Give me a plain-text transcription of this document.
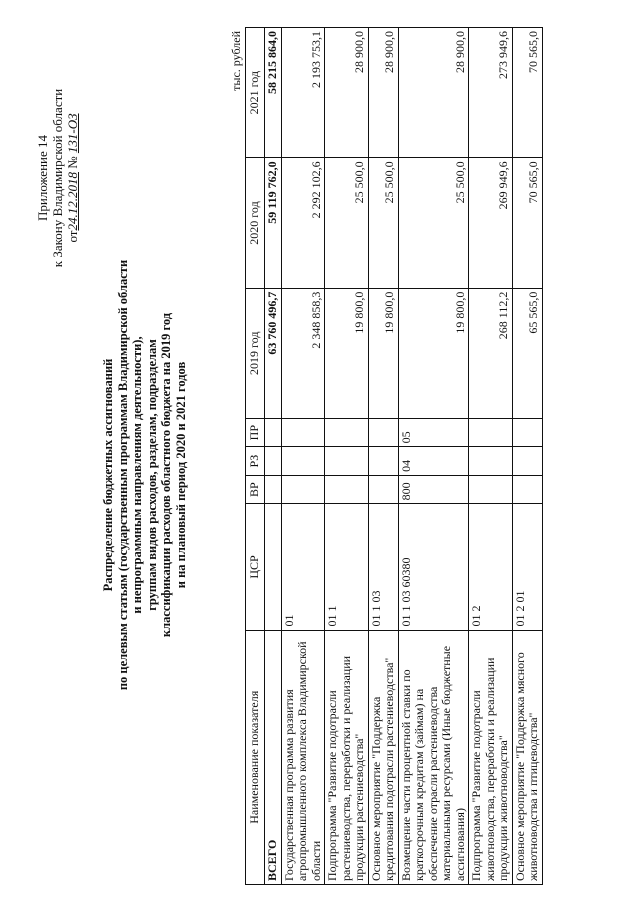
Приложение 14 к Закону Владимирской области от24.12.2018 № 131-ОЗ
Распределение бюджетных ассигнований по целевым статьям (государственным программам Владимирской области и непрограммным направлениям деятельности), группам видов расходов, разделам, подразделам классификации расходов областного бюджета на 2019 год и на плановый период 2020 и 2021 годов
тыс. рублей
Наименование показателя	ЦСР	ВР	РЗ	ПР	2019 год	2020 год	2021 год
ВСЕГО					63 760 496,7	59 119 762,0	58 215 864,0
Государственная программа развития агропромышленного комплекса Владимирской области	01				2 348 858,3	2 292 102,6	2 193 753,1
Подпрограмма "Развитие подотрасли растениеводства, переработки и реализации продукции растениеводства"	01 1				19 800,0	25 500,0	28 900,0
Основное мероприятие "Поддержка кредитования подотрасли растениеводства"	01 1 03				19 800,0	25 500,0	28 900,0
Возмещение части процентной ставки по краткосрочным кредитам (займам) на обеспечение отрасли растениеводства материальными ресурсами (Иные бюджетные ассигнования)	01 1 03 60380	800	04	05	19 800,0	25 500,0	28 900,0
Подпрограмма "Развитие подотрасли животноводства, переработки и реализации продукции животноводства"	01 2				268 112,2	269 949,6	273 949,6
Основное мероприятие "Поддержка мясного животноводства и птицеводства"	01 2 01				65 565,0	70 565,0	70 565,0
